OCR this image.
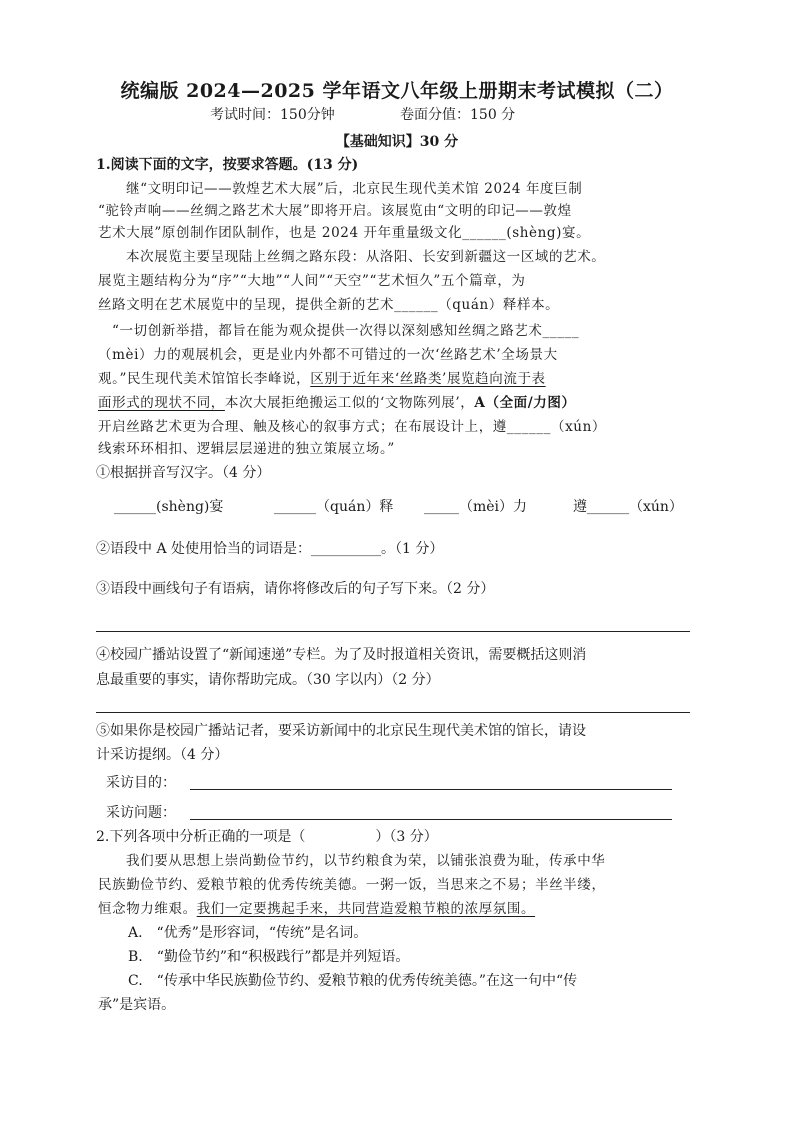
统编版 2024—2025 学年语文八年级上册期末考试模拟（二）
考试时间：150分钟	卷面分值：150 分
【基础知识】30 分
1.阅读下面的文字，按要求答题。(13 分)
继“文明印记——敦煌艺术大展”后，北京民生现代美术馆 2024 年度巨制
“驼铃声响——丝绸之路艺术大展”即将开启。该展览由“文明的印记——敦煌
艺术大展”原创制作团队制作，也是 2024 开年重量级文化______(shèng)宴。
本次展览主要呈现陆上丝绸之路东段：从洛阳、长安到新疆这一区域的艺术。
展览主题结构分为“序”“大地”“人间”“天空”“艺术恒久”五个篇章，为
丝路文明在艺术展览中的呈现，提供全新的艺术______（quán）释样本。
“一切创新举措，都旨在能为观众提供一次得以深刻感知丝绸之路艺术_____
（mèi）力的观展机会，更是业内外都不可错过的一次‘丝路艺术’全场景大
观。”民生现代美术馆馆长李峰说，区别于近年来‘丝路类’展览趋向流于表
面形式的现状不同，本次大展拒绝搬运工似的‘文物陈列展’，A（全面/力图）
开启丝路艺术更为合理、触及核心的叙事方式；在布展设计上，遵______（xún）
线索环环相扣、逻辑层层递进的独立策展立场。”
①根据拼音写汉字。（4 分）
______(shèng)宴	______（quán）释 _____（mèi）力	遵______（xún）
②语段中 A 处使用恰当的词语是：__________。（1 分）
③语段中画线句子有语病，请你将修改后的句子写下来。（2 分）
④校园广播站设置了“新闻速递”专栏。为了及时报道相关资讯，需要概括这则消
息最重要的事实，请你帮助完成。（30 字以内）（2 分）
⑤如果你是校园广播站记者，要采访新闻中的北京民生现代美术馆的馆长，请设
计采访提纲。（4 分）
采访目的：
采访问题：
2.下列各项中分析正确的一项是（　　　　　）（3 分）
我们要从思想上崇尚勤俭节约，以节约粮食为荣，以铺张浪费为耻，传承中华
民族勤俭节约、爱粮节粮的优秀传统美德。一粥一饭，当思来之不易；半丝半缕，
恒念物力维艰。我们一定要携起手来，共同营造爱粮节粮的浓厚氛围。
A.　“优秀”是形容词，“传统”是名词。
B.　“勤俭节约”和“积极践行”都是并列短语。
C.　“传承中华民族勤俭节约、爱粮节粮的优秀传统美德。”在这一句中“传
承”是宾语。
